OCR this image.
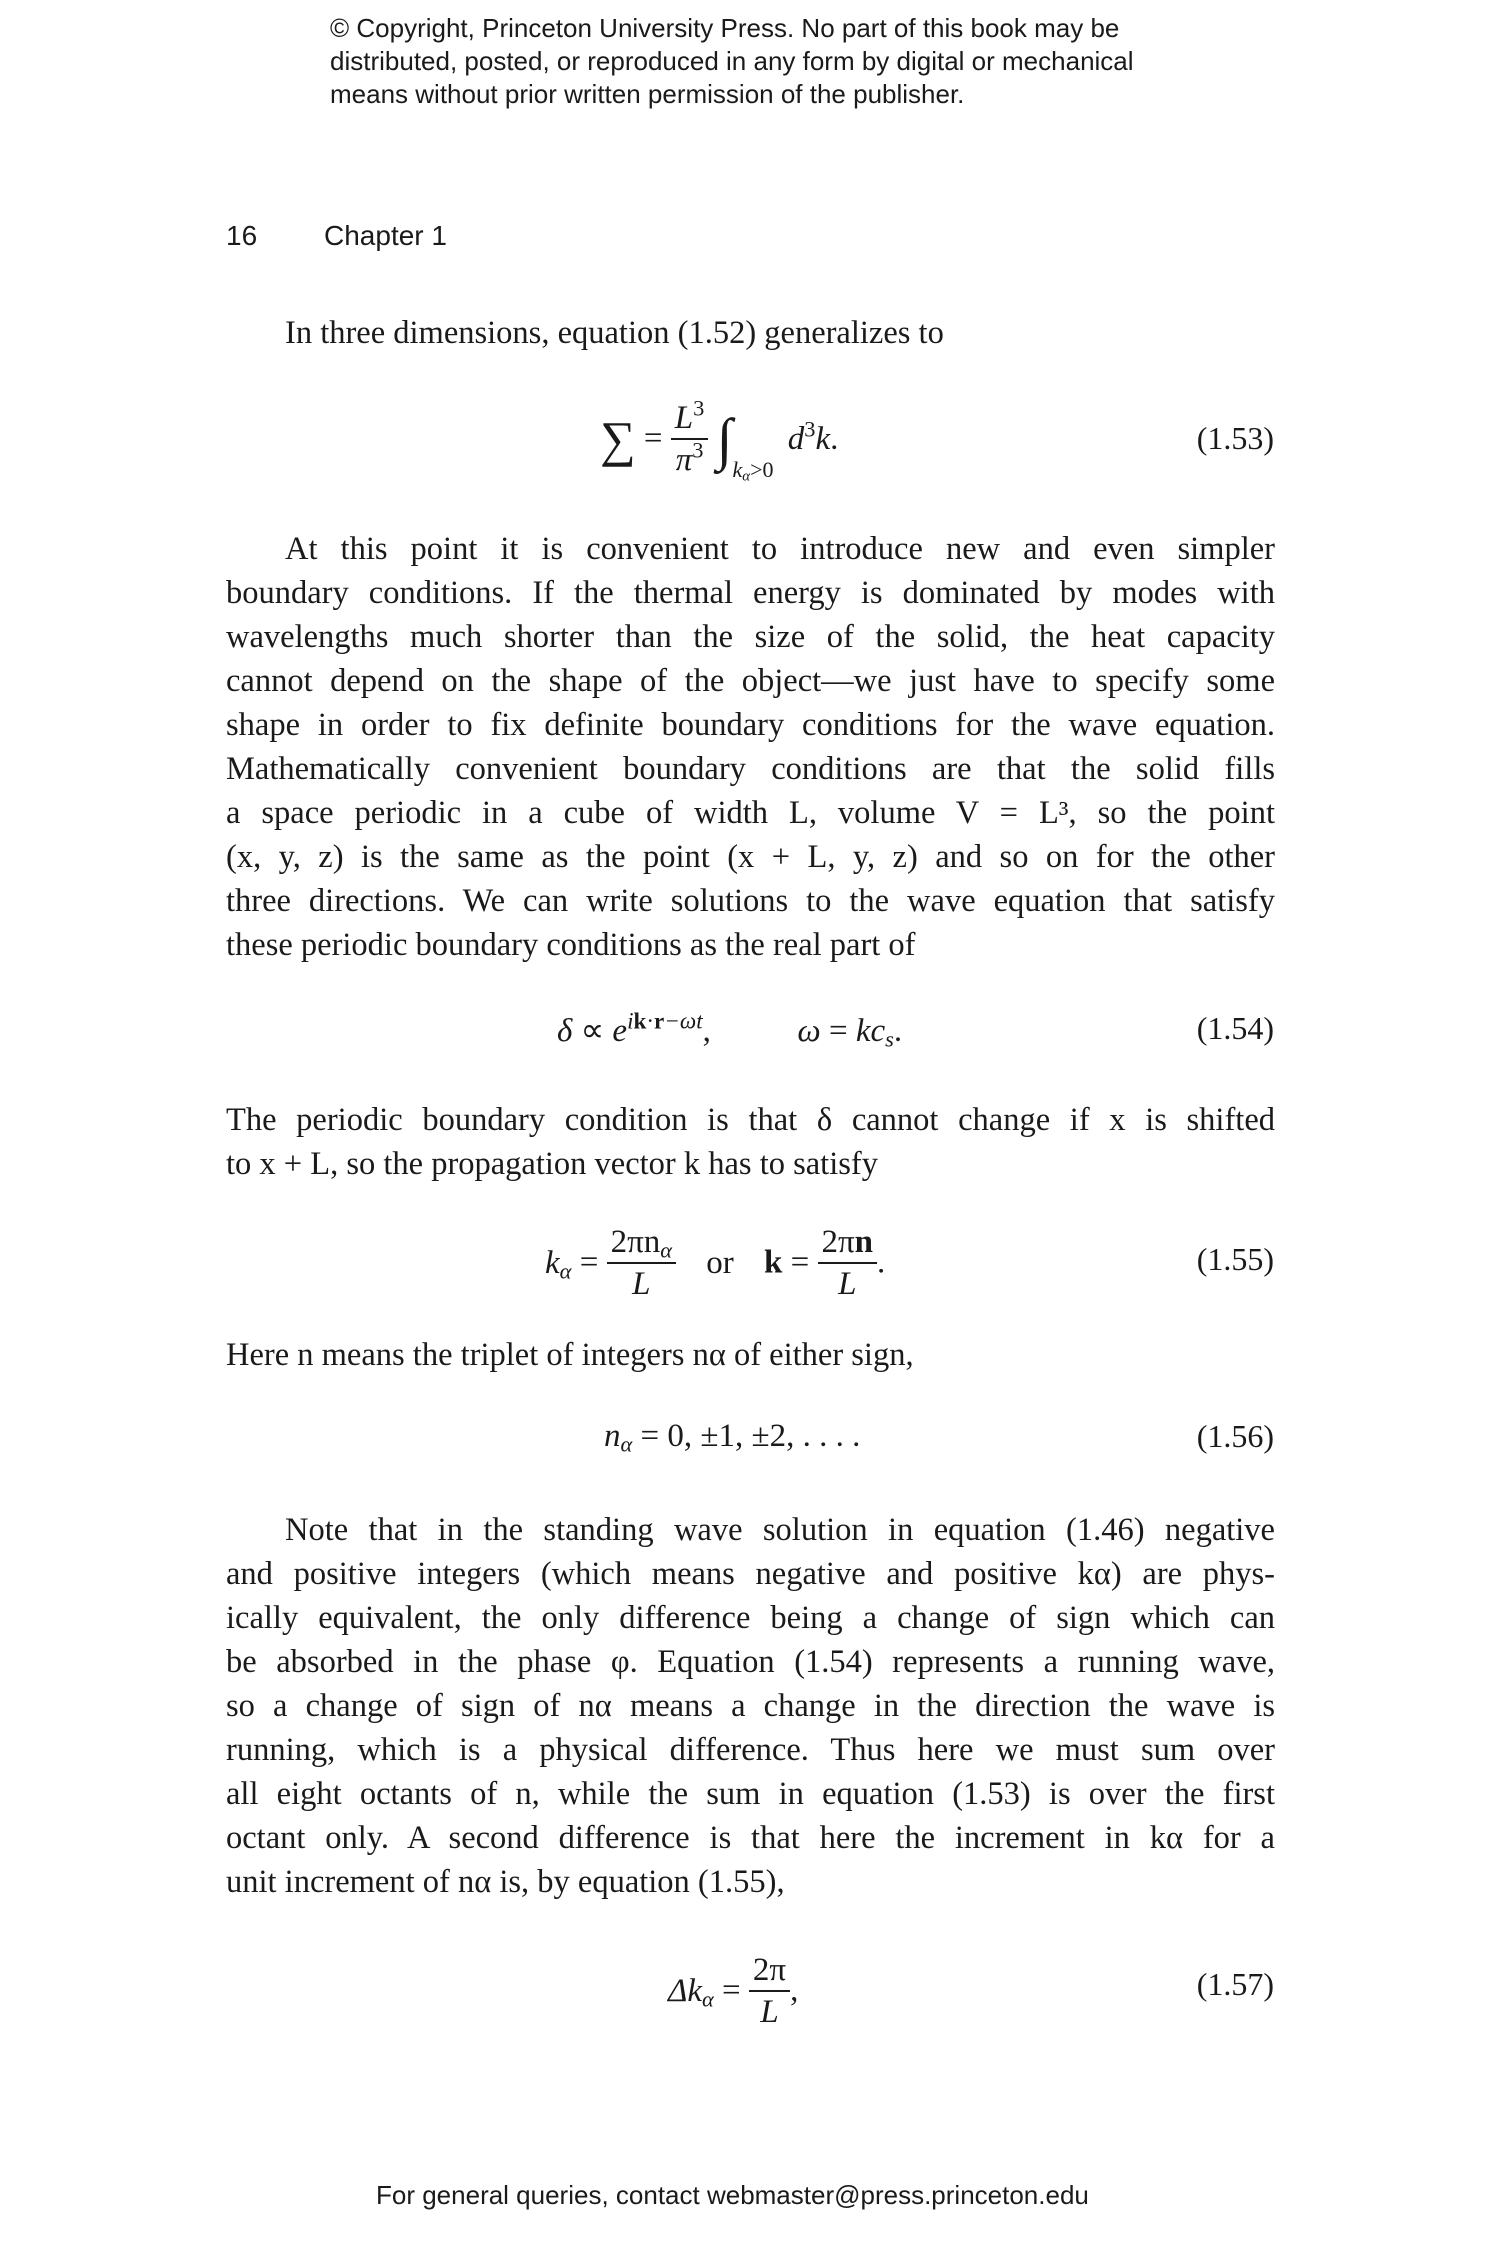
© Copyright, Princeton University Press. No part of this book may be
distributed, posted, or reproduced in any form by digital or mechanical
means without prior written permission of the publisher.
16 Chapter 1
In three dimensions, equation (1.52) generalizes to
∑ = $\frac{L^3}{\pi^3} \int_{k_\alpha>0}$ $d^3k$.	(1.53)
At this point it is convenient to introduce new and even simpler
boundary conditions. If the thermal energy is dominated by modes with
wavelengths much shorter than the size of the solid, the heat capacity
cannot depend on the shape of the object—we just have to specify some
shape in order to fix definite boundary conditions for the wave equation.
Mathematically convenient boundary conditions are that the solid fills
a space periodic in a cube of width L, volume V = L³, so the point
(x, y, z) is the same as the point (x + L, y, z) and so on for the other
three directions. We can write solutions to the wave equation that satisfy
these periodic boundary conditions as the real part of
$\delta \propto e^{ik\cdot r-\omega t}$,	$\omega = kc_s$.	(1.54)
The periodic boundary condition is that δ cannot change if x is shifted
to x + L, so the propagation vector k has to satisfy
$k_\alpha = \frac{2\pi n_\alpha}{L}$ or $k = \frac{2\pi n}{L}$ .	(1.55)
Here n means the triplet of integers nα of either sign,
$n_\alpha = 0$, ±1, ±2, . . . .	(1.56)
Note that in the standing wave solution in equation (1.46) negative
and positive integers (which means negative and positive kα) are phys-
ically equivalent, the only difference being a change of sign which can
be absorbed in the phase φ. Equation (1.54) represents a running wave,
so a change of sign of nα means a change in the direction the wave is
running, which is a physical difference. Thus here we must sum over
all eight octants of n, while the sum in equation (1.53) is over the first
octant only. A second difference is that here the increment in kα for a
unit increment of nα is, by equation (1.55),
$\Delta k_\alpha = \frac{2\pi}{L}$ ,	(1.57)
For general queries, contact webmaster@press.princeton.edu
